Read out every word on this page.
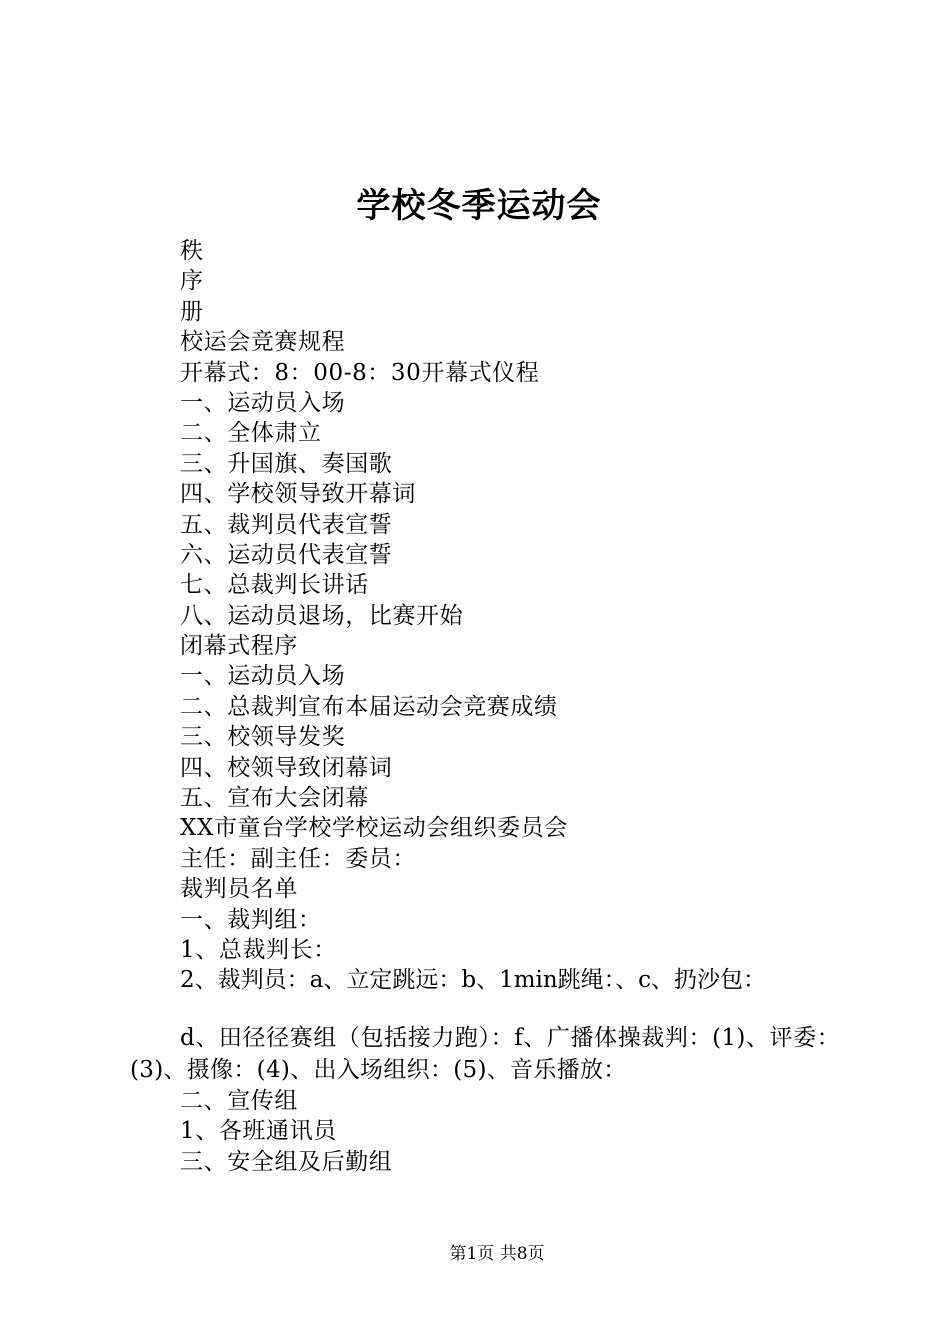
学校冬季运动会
秩
序
册
校运会竞赛规程
开幕式：8：00-8：30开幕式仪程
一、运动员入场
二、全体肃立
三、升国旗、奏国歌
四、学校领导致开幕词
五、裁判员代表宣誓
六、运动员代表宣誓
七、总裁判长讲话
八、运动员退场，比赛开始
闭幕式程序
一、运动员入场
二、总裁判宣布本届运动会竞赛成绩
三、校领导发奖
四、校领导致闭幕词
五、宣布大会闭幕
XX市童台学校学校运动会组织委员会
主任：副主任：委员：
裁判员名单
一、裁判组：
1、总裁判长：
2、裁判员：a、立定跳远：b、1min跳绳：、c、扔沙包：
d、田径径赛组（包括接力跑）：f、广播体操裁判：(1)、评委：(3)、摄像：(4)、出入场组织：(5)、音乐播放：
二、宣传组
1、各班通讯员
三、安全组及后勤组
第1页 共8页
